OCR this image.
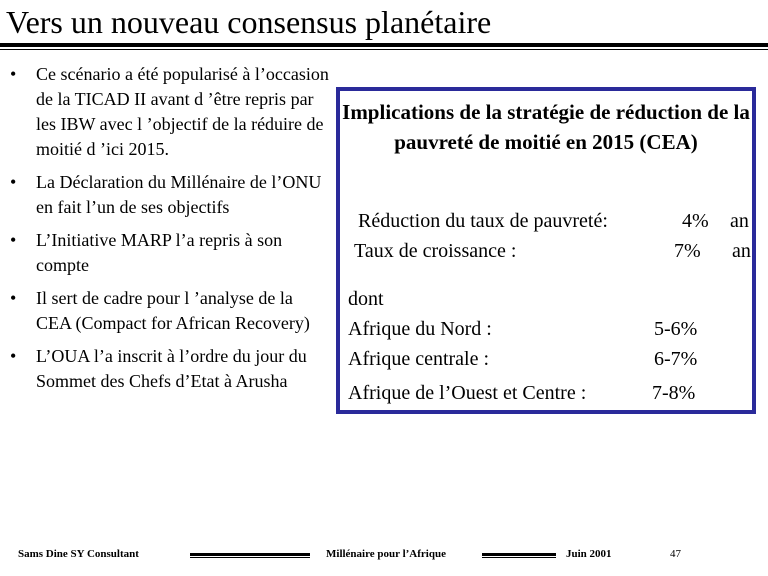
Vers un nouveau consensus planétaire
• Ce scénario a été popularisé à l’occasion de la TICAD II avant d ’être repris par les IBW avec l ’objectif de la réduire de moitié d ’ici 2015.
• La Déclaration du Millénaire de l’ONU en fait l’un de ses objectifs
• L’Initiative MARP l’a repris à son compte
• Il sert de cadre pour l ’analyse de la CEA (Compact for African Recovery)
• L’OUA l’a inscrit à l’ordre du jour du Sommet des Chefs d’Etat à Arusha
Implications de la stratégie de réduction de la pauvreté de moitié en 2015 (CEA)
Réduction du taux de pauvreté:	4% an
Taux de croissance :	7% an
dont
Afrique du Nord :	5-6%
Afrique centrale :	6-7%
Afrique de l’Ouest et Centre :	7-8%
Sams Dine SY Consultant	Millénaire pour l’Afrique	Juin 2001	47
